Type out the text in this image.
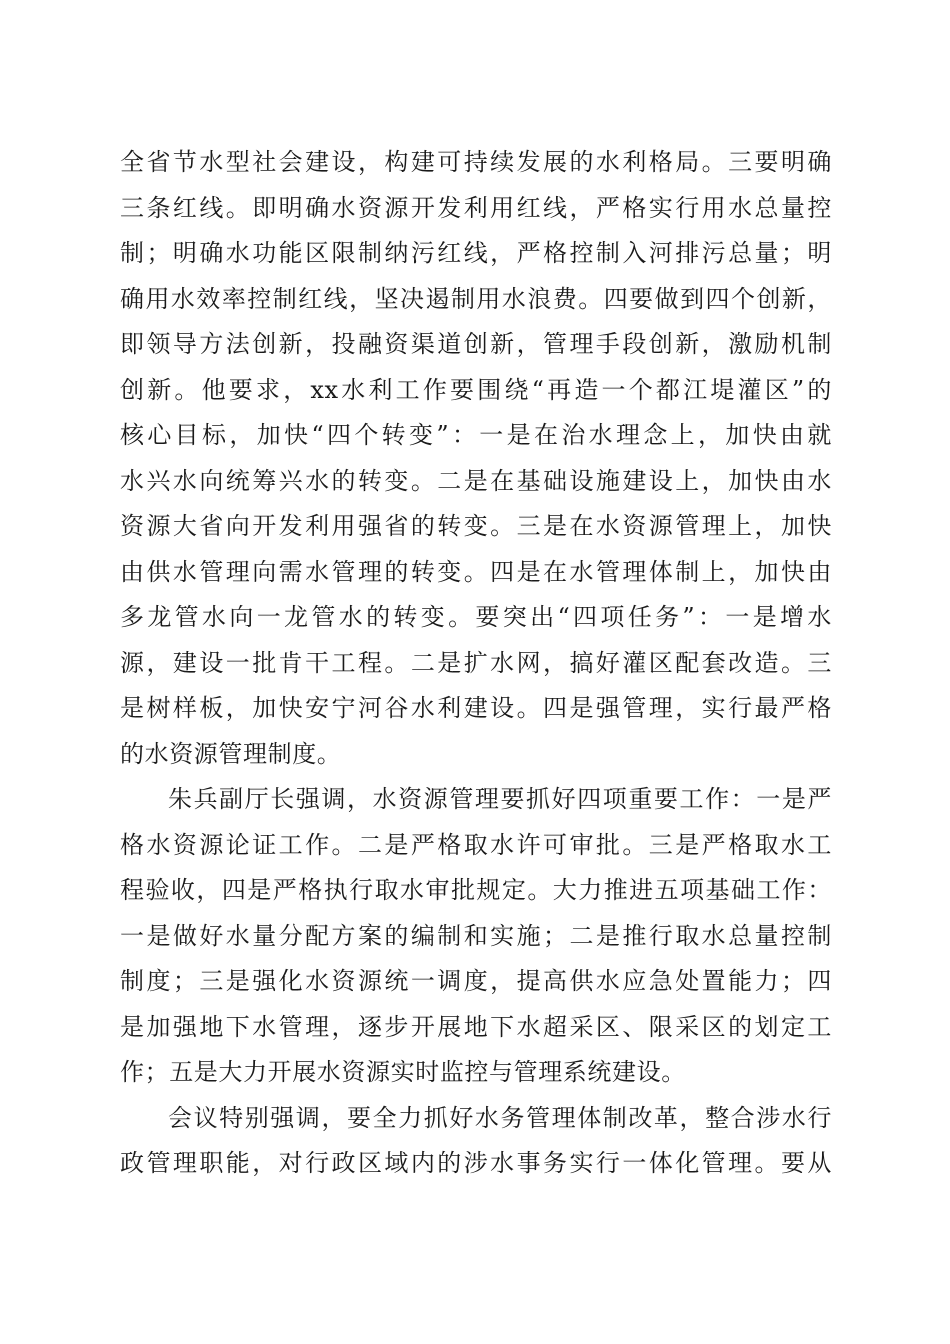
全省节水型社会建设，构建可持续发展的水利格局。三要明确
三条红线。即明确水资源开发利用红线，严格实行用水总量控
制；明确水功能区限制纳污红线，严格控制入河排污总量；明
确用水效率控制红线，坚决遏制用水浪费。四要做到四个创新，
即领导方法创新，投融资渠道创新，管理手段创新，激励机制
创新。他要求，xx水利工作要围绕“再造一个都江堤灌区”的
核心目标，加快“四个转变”：一是在治水理念上，加快由就
水兴水向统筹兴水的转变。二是在基础设施建设上，加快由水
资源大省向开发利用强省的转变。三是在水资源管理上，加快
由供水管理向需水管理的转变。四是在水管理体制上，加快由
多龙管水向一龙管水的转变。要突出“四项任务”：一是增水
源，建设一批肯干工程。二是扩水网，搞好灌区配套改造。三
是树样板，加快安宁河谷水利建设。四是强管理，实行最严格
的水资源管理制度。
朱兵副厅长强调，水资源管理要抓好四项重要工作：一是严
格水资源论证工作。二是严格取水许可审批。三是严格取水工
程验收，四是严格执行取水审批规定。大力推进五项基础工作：
一是做好水量分配方案的编制和实施；二是推行取水总量控制
制度；三是强化水资源统一调度，提高供水应急处置能力；四
是加强地下水管理，逐步开展地下水超采区、限采区的划定工
作；五是大力开展水资源实时监控与管理系统建设。
会议特别强调，要全力抓好水务管理体制改革，整合涉水行
政管理职能，对行政区域内的涉水事务实行一体化管理。要从
